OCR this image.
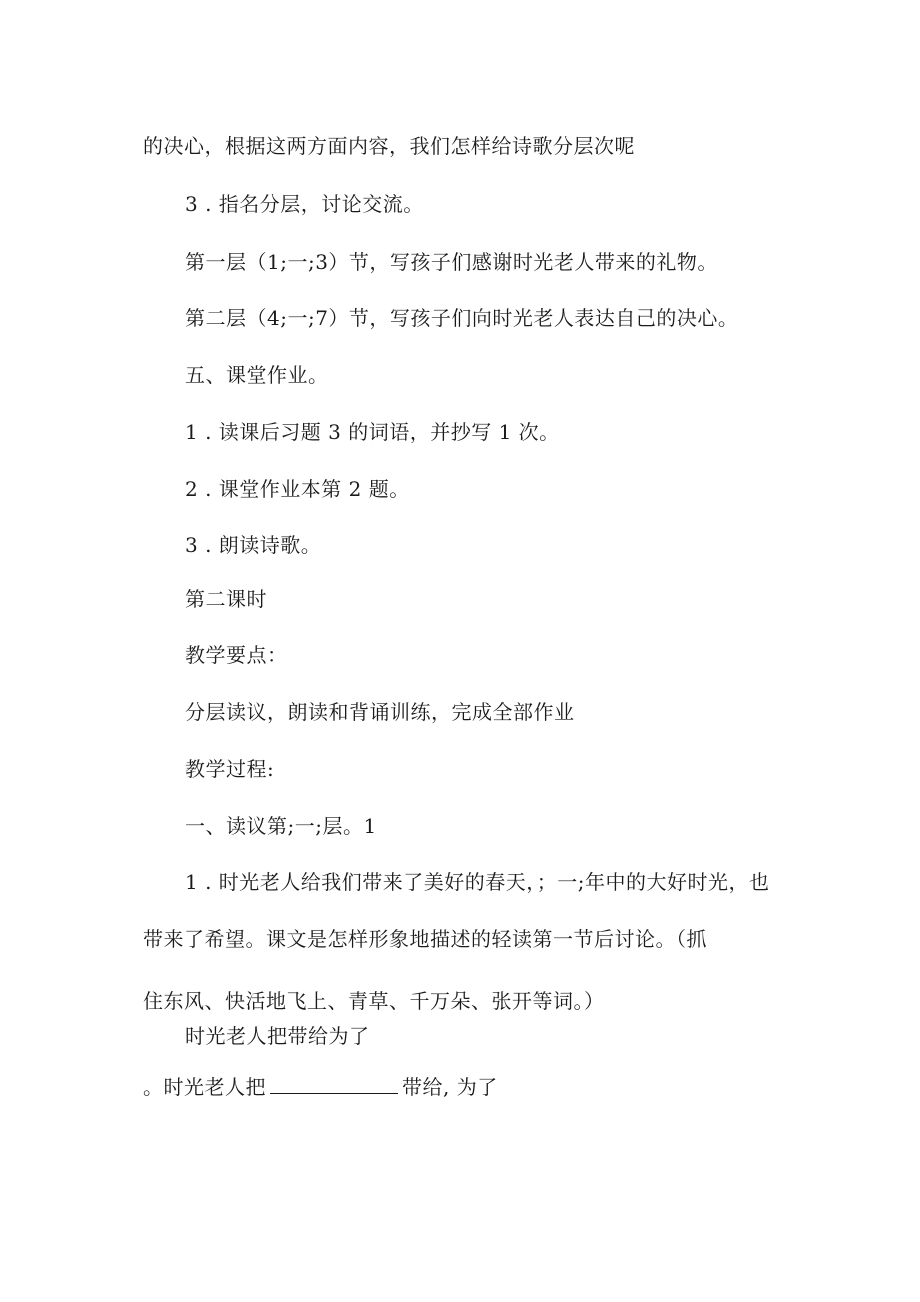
的决心，根据这两方面内容，我们怎样给诗歌分层次呢
3 . 指名分层，讨论交流。
第一层（1;一;3）节，写孩子们感谢时光老人带来的礼物。
第二层（4;一;7）节，写孩子们向时光老人表达自己的决心。
五、课堂作业。
1 . 读课后习题 3 的词语，并抄写 1 次。
2 . 课堂作业本第 2 题。
3 . 朗读诗歌。
第二课时
教学要点：
分层读议，朗读和背诵训练，完成全部作业
教学过程:
一、读议第;一;层。1
1 . 时光老人给我们带来了美好的春天，；一;年中的大好时光，也
带来了希望。课文是怎样形象地描述的轻读第一节后讨论。（抓
住东风、快活地飞上、青草、千万朵、张开等词。）
时光老人把带给为了
。时光老人把	带给, 为了
